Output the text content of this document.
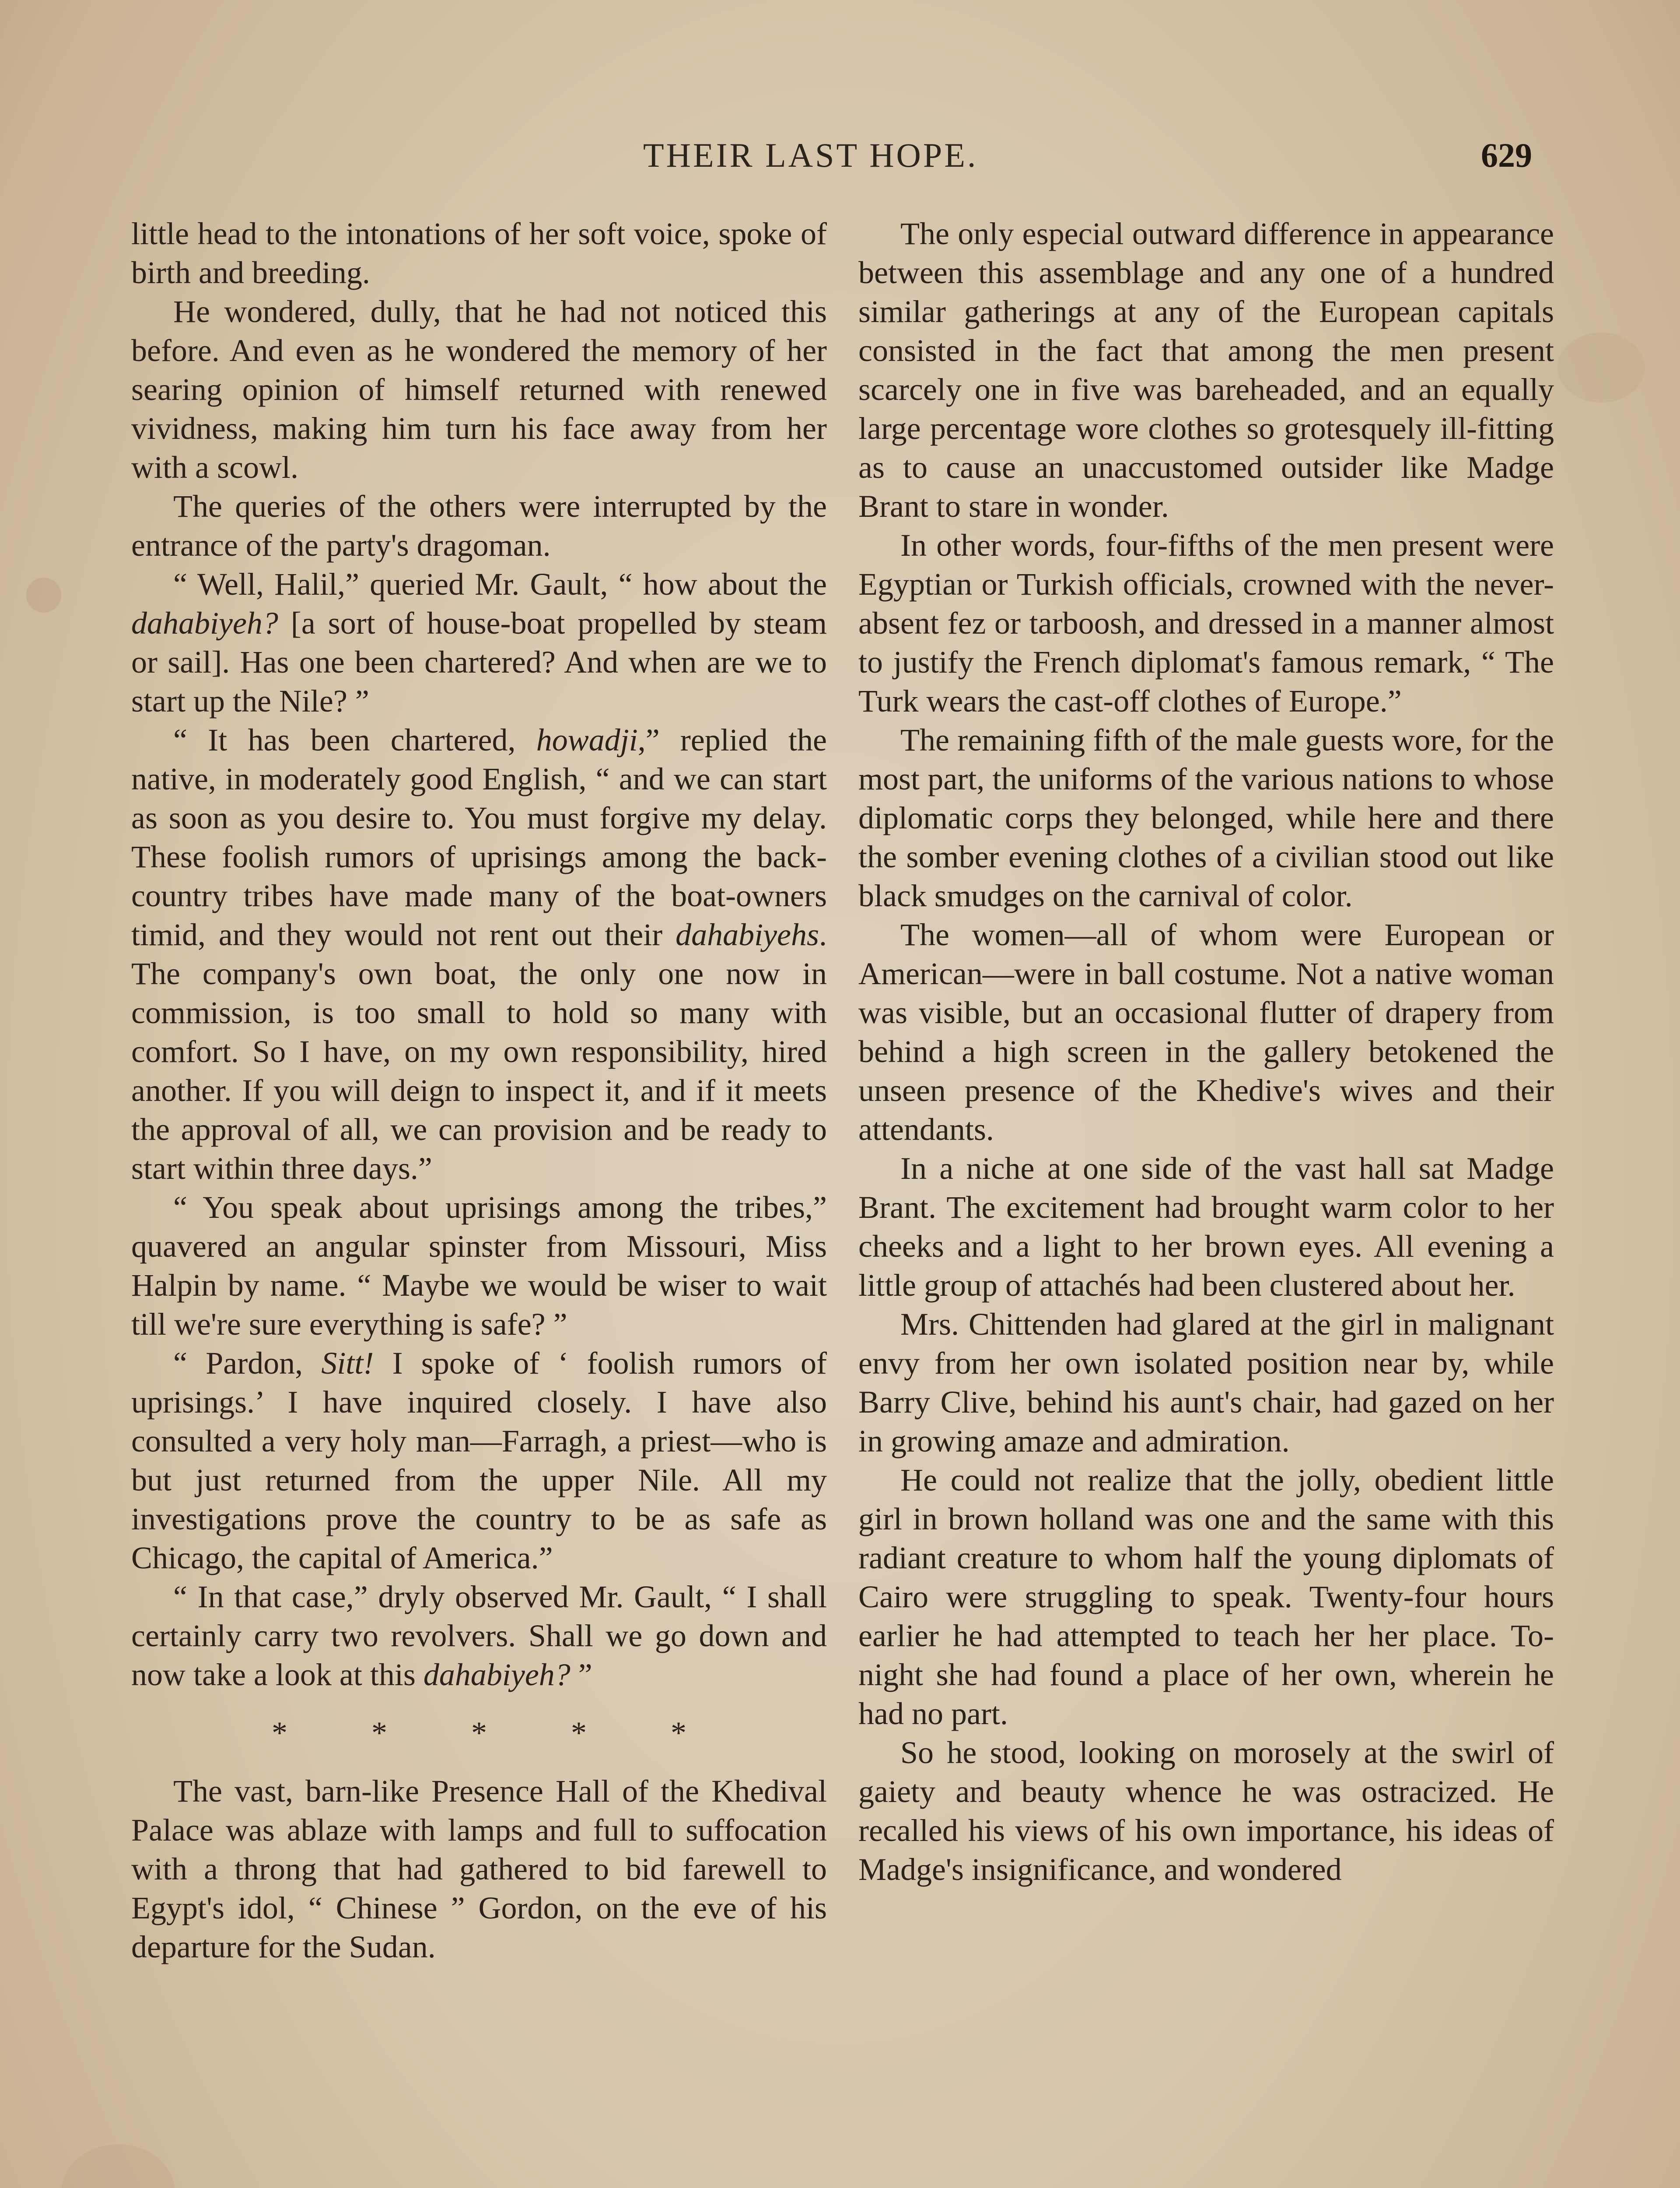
THEIR LAST HOPE.	629

little head to the intonations of her soft voice, spoke of birth and breeding.

He wondered, dully, that he had not noticed this before. And even as he wondered the memory of her searing opinion of himself returned with renewed vividness, making him turn his face away from her with a scowl.

The queries of the others were interrupted by the entrance of the party's dragoman.

“ Well, Halil,” queried Mr. Gault, “ how about the dahabiyeh? [a sort of house-boat propelled by steam or sail]. Has one been chartered? And when are we to start up the Nile? ”

“ It has been chartered, howadji,” replied the native, in moderately good English, “ and we can start as soon as you desire to. You must forgive my delay. These foolish rumors of uprisings among the back-country tribes have made many of the boat-owners timid, and they would not rent out their dahabiyehs. The company's own boat, the only one now in commission, is too small to hold so many with comfort. So I have, on my own responsibility, hired another. If you will deign to inspect it, and if it meets the approval of all, we can provision and be ready to start within three days.”

“ You speak about uprisings among the tribes,” quavered an angular spinster from Missouri, Miss Halpin by name. “ Maybe we would be wiser to wait till we're sure everything is safe? ”

“ Pardon, Sitt! I spoke of ‘ foolish rumors of uprisings.’ I have inquired closely. I have also consulted a very holy man—Farragh, a priest—who is but just returned from the upper Nile. All my investigations prove the country to be as safe as Chicago, the capital of America.”

“ In that case,” dryly observed Mr. Gault, “ I shall certainly carry two revolvers. Shall we go down and now take a look at this dahabiyeh? ”

*	*	*	*	*

The vast, barn-like Presence Hall of the Khedival Palace was ablaze with lamps and full to suffocation with a throng that had gathered to bid farewell to Egypt's idol, “ Chinese ” Gordon, on the eve of his departure for the Sudan.

The only especial outward difference in appearance between this assemblage and any one of a hundred similar gatherings at any of the European capitals consisted in the fact that among the men present scarcely one in five was bareheaded, and an equally large percentage wore clothes so grotesquely ill-fitting as to cause an unaccustomed outsider like Madge Brant to stare in wonder.

In other words, four-fifths of the men present were Egyptian or Turkish officials, crowned with the never-absent fez or tarboosh, and dressed in a manner almost to justify the French diplomat's famous remark, “ The Turk wears the cast-off clothes of Europe.”

The remaining fifth of the male guests wore, for the most part, the uniforms of the various nations to whose diplomatic corps they belonged, while here and there the somber evening clothes of a civilian stood out like black smudges on the carnival of color.

The women—all of whom were European or American—were in ball costume. Not a native woman was visible, but an occasional flutter of drapery from behind a high screen in the gallery betokened the unseen presence of the Khedive's wives and their attendants.

In a niche at one side of the vast hall sat Madge Brant. The excitement had brought warm color to her cheeks and a light to her brown eyes. All evening a little group of attachés had been clustered about her.

Mrs. Chittenden had glared at the girl in malignant envy from her own isolated position near by, while Barry Clive, behind his aunt's chair, had gazed on her in growing amaze and admiration.

He could not realize that the jolly, obedient little girl in brown holland was one and the same with this radiant creature to whom half the young diplomats of Cairo were struggling to speak. Twenty-four hours earlier he had attempted to teach her her place. To-night she had found a place of her own, wherein he had no part.

So he stood, looking on morosely at the swirl of gaiety and beauty whence he was ostracized. He recalled his views of his own importance, his ideas of Madge's insignificance, and wondered
